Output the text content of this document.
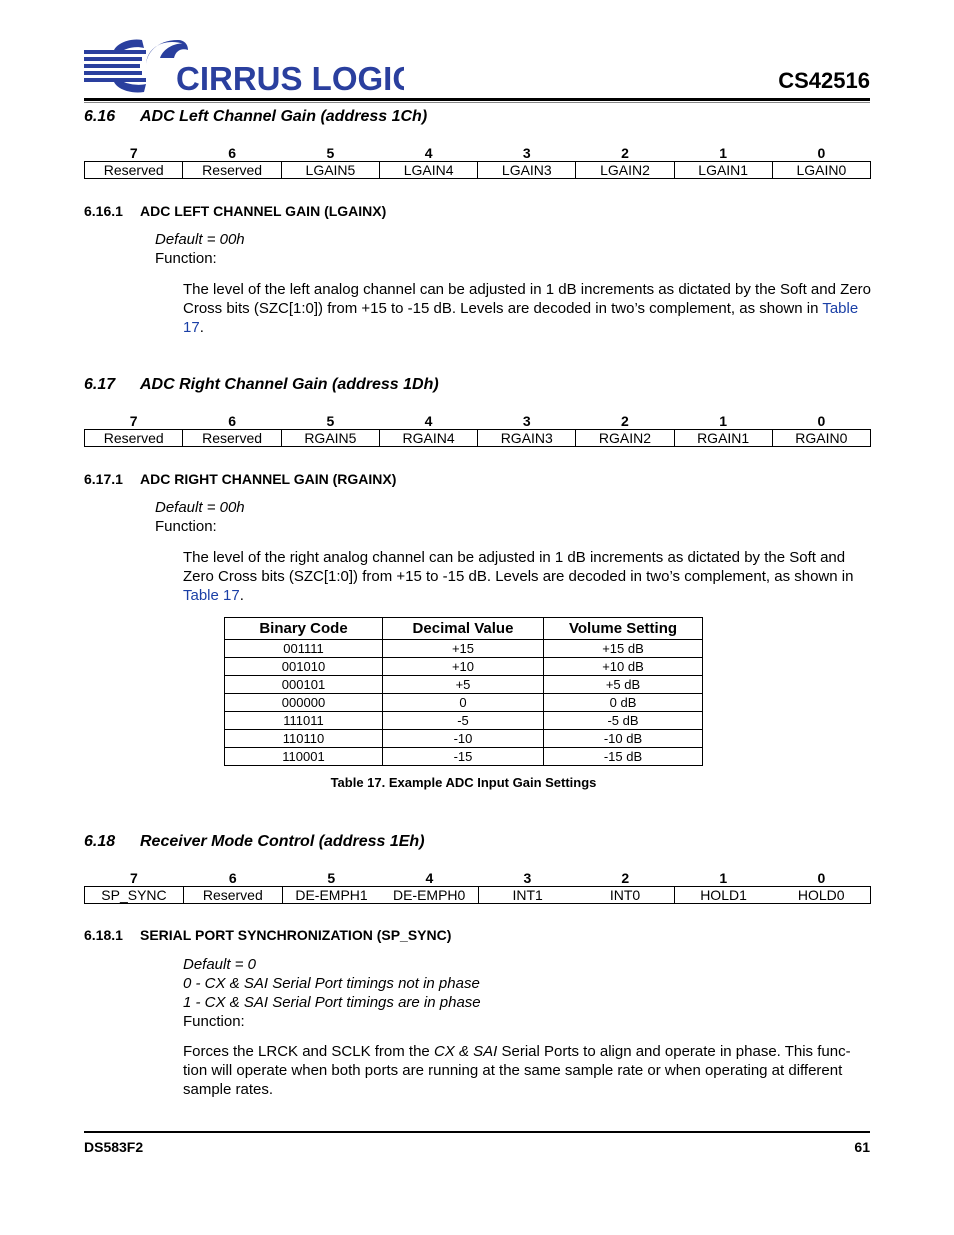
CIRRUS LOGIC	CS42516
6.16 ADC Left Channel Gain (address 1Ch)
7	6	5	4	3	2	1	0
Reserved	Reserved	LGAIN5	LGAIN4	LGAIN3	LGAIN2	LGAIN1	LGAIN0
6.16.1 ADC LEFT CHANNEL GAIN (LGAINX)
Default = 00h
Function:
The level of the left analog channel can be adjusted in 1 dB increments as dictated by the Soft and Zero Cross bits (SZC[1:0]) from +15 to -15 dB. Levels are decoded in two’s complement, as shown in Table 17.
6.17 ADC Right Channel Gain (address 1Dh)
7	6	5	4	3	2	1	0
Reserved	Reserved	RGAIN5	RGAIN4	RGAIN3	RGAIN2	RGAIN1	RGAIN0
6.17.1 ADC RIGHT CHANNEL GAIN (RGAINX)
Default = 00h
Function:
The level of the right analog channel can be adjusted in 1 dB increments as dictated by the Soft and Zero Cross bits (SZC[1:0]) from +15 to -15 dB. Levels are decoded in two’s complement, as shown in Table 17.
Binary Code	Decimal Value	Volume Setting
001111	+15	+15 dB
001010	+10	+10 dB
000101	+5	+5 dB
000000	0	0 dB
111011	-5	-5 dB
110110	-10	-10 dB
110001	-15	-15 dB
Table 17. Example ADC Input Gain Settings
6.18 Receiver Mode Control (address 1Eh)
7	6	5	4	3	2	1	0
SP_SYNC	Reserved	DE-EMPH1	DE-EMPH0	INT1	INT0	HOLD1	HOLD0
6.18.1 SERIAL PORT SYNCHRONIZATION (SP_SYNC)
Default = 0
0 - CX & SAI Serial Port timings not in phase
1 - CX & SAI Serial Port timings are in phase
Function:
Forces the LRCK and SCLK from the CX & SAI Serial Ports to align and operate in phase. This func-tion will operate when both ports are running at the same sample rate or when operating at different sample rates.
DS583F2	61
